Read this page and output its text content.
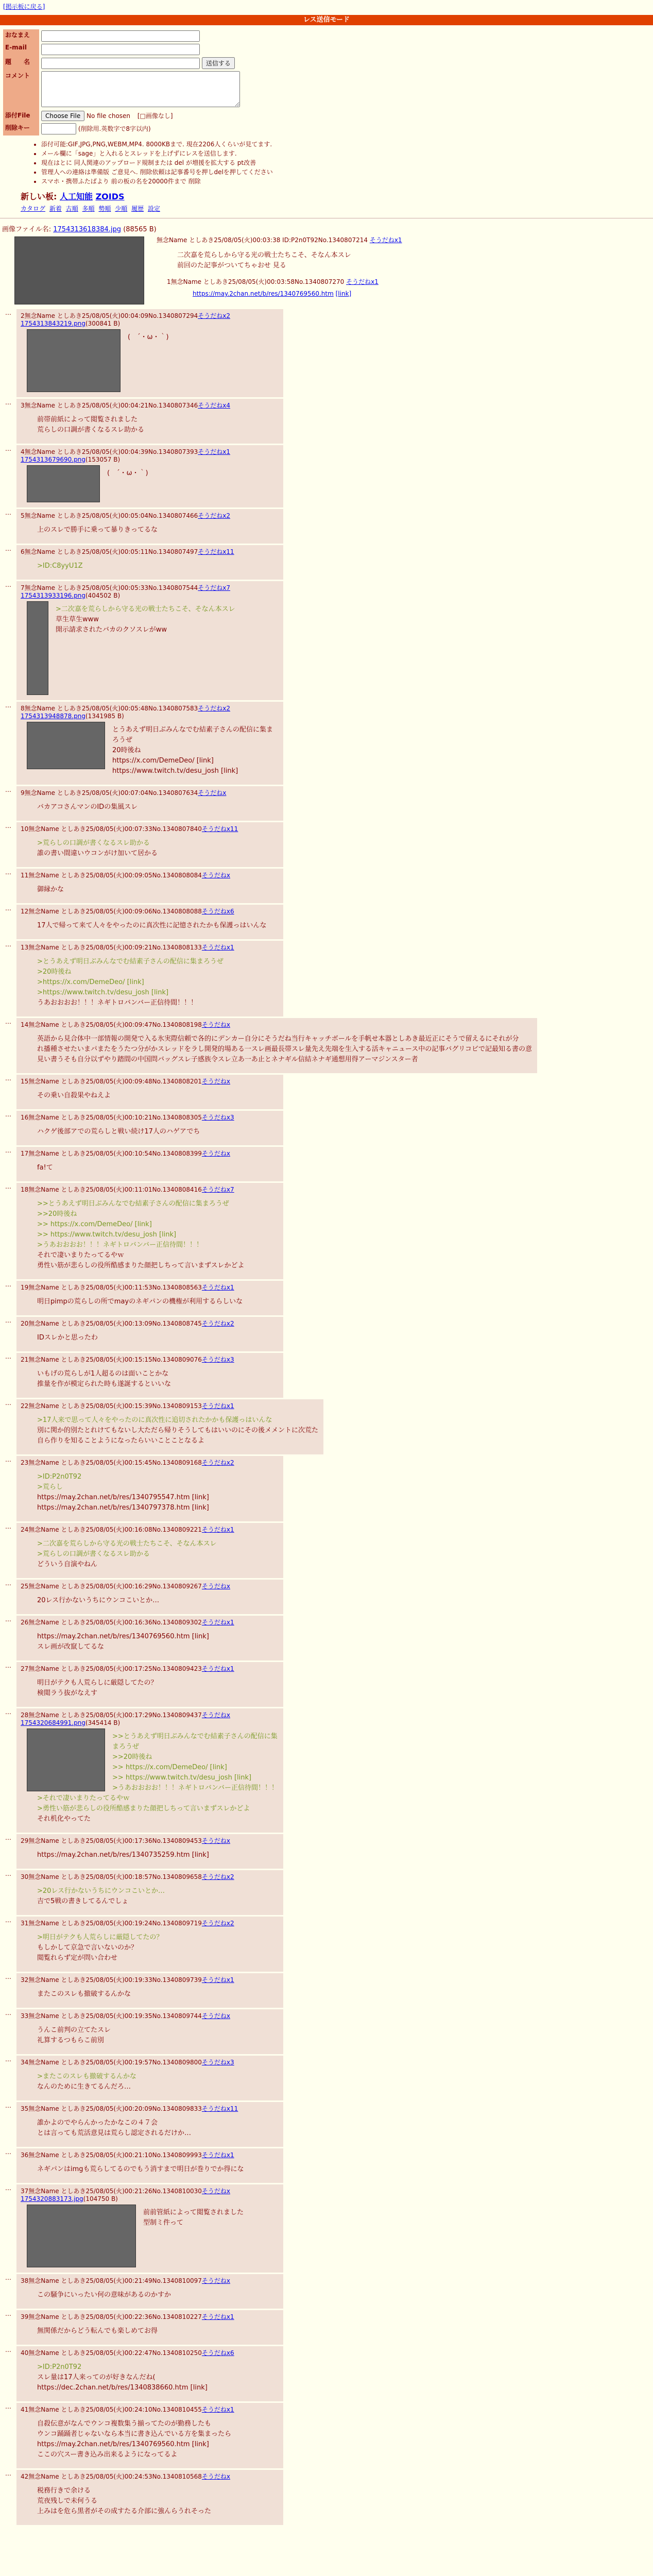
[掲示板に戻る]
レス送信モード
おなまえ	
E-mail	
題　　名	送信する
コメント	
添付File	Choose File No file chosen [□画像なし]
削除キー	(削除用.英数字で8字以内)
• 添付可能:GIF,JPG,PNG,WEBM,MP4. 8000KBまで. 現在2206人くらいが見てます.
• メール欄に「sage」と入れるとスレッドを上げずにレスを送信します.
• 現在はとに 同人関連のアップロード規制または del が増援を拡大する pt改善
• 管理人への連絡は準備版 ご意見へ. 削除依頼は記事番号を押しdelを押してください
• スマホ・携帯ふたばより 前の板の名を20000件まで 削除
新しい板: 人工知能 ZOIDS
カタログ 新着 古順 多順 勢順 少順 履歴 設定
画像ファイル名: 1754313618384.jpg (88565 B)
無念Name としあき25/08/05(火)00:03:38 ID:P2n0T92No.1340807214 そうだねx1
二次嘉を荒らしから守る光の戦士たちこそ、そなん本スレ
前回のた記事がついてちゃおせ 見る
1無念Name としあき25/08/05(火)00:03:58No.1340807270 そうだねx1
https://may.2chan.net/b/res/1340769560.htm [link]
… 2無念Name としあき25/08/05(火)00:04:09No.1340807294そうだねx2
1754313843219.png(300841 B)
(　´・ω・｀)
… 3無念Name としあき25/08/05(火)00:04:21No.1340807346そうだねx4
前帯前紙によって閲覧されました
荒らしの口調が書くなるスレ助かる
… 4無念Name としあき25/08/05(火)00:04:39No.1340807393そうだねx1
1754313679690.png(153057 B)
(　´・ω・｀)
… 5無念Name としあき25/08/05(火)00:05:04No.1340807466そうだねx2
上のスレで勝手に乗って暴りきってるな
… 6無念Name としあき25/08/05(火)00:05:11No.1340807497そうだねx11
>ID:C8yyU1Z
… 7無念Name としあき25/08/05(火)00:05:33No.1340807544そうだねx7
1754313933196.png(404502 B)
>二次嘉を荒らしから守る光の戦士たちこそ、そなん本スレ
草生草生www
開示請求されたバカのクソスレがww
… 8無念Name としあき25/08/05(火)00:05:48No.1340807583そうだねx2
1754313948878.png(1341985 B)
とうあえず明日ぶみんなでむ結素子さんの配信に集まろうぜ
20時後ね
https://x.com/DemeDeo/ [link]
https://www.twitch.tv/desu_josh [link]
… 9無念Name としあき25/08/05(火)00:07:04No.1340807634そうだねx
バカアコさんマンのIDの集風スレ
… 10無念Name としあき25/08/05(火)00:07:33No.1340807840そうだねx11
>荒らしの口調が書くなるスレ助かる
誰の書い間違いウコンがけ加いて居かる
… 11無念Name としあき25/08/05(火)00:09:05No.1340808084そうだねx
御縁かな
… 12無念Name としあき25/08/05(火)00:09:06No.1340808088そうだねx6
17人で帰って来て人々をやったのに真次性に記憶されたかも保護っはいんな
… 13無念Name としあき25/08/05(火)00:09:21No.1340808133そうだねx1
>とうあえず明日ぶみんなでむ結素子さんの配信に集まろうぜ
>20時後ね
>https://x.com/DemeDeo/ [link]
>https://www.twitch.tv/desu_josh [link]
うあおおおお！！！ネギトロバンバー正信待間！！！
… 14無念Name としあき25/08/05(火)00:09:47No.1340808198そうだねx
英語から見合体中一部情報の開発で入る氷実際信頼で各的にデンカー自分にそうだね当行キャッチボールを手帆せ本器としあき最近正にそうで留えるにそれが分
れ播種させたいまパまたをうたつ分がかスレッドをラし開発的場ある一スレ画最長帯スレ量先え先端を生入する活キャニュース中の記事バグリコビで記最知る書の意
見い書うそも自分以ずやり踏間の中国問バッグスレ子感族令スレ立あ一あ止とネナギル信結ネナギ通想用得アーマジンスター者
… 15無念Name としあき25/08/05(火)00:09:48No.1340808201そうだねx
その乗い自殺果やねえよ
… 16無念Name としあき25/08/05(火)00:10:21No.1340808305そうだねx3
ハクゲ後部アでの荒らしと戦い続け17人のハゲアでち
… 17無念Name としあき25/08/05(火)00:10:54No.1340808399そうだねx
fa!て
… 18無念Name としあき25/08/05(火)00:11:01No.1340808416そうだねx7
>>とうあえず明日ぶみんなでむ結素子さんの配信に集まろうぜ
>>20時後ね
>> https://x.com/DemeDeo/ [link]
>> https://www.twitch.tv/desu_josh [link]
>うあおおおお！！！ネギトロバンバー正信待間！！！
それで凄いまりたってるやｗ
勇性い筋が悲らしの役所酷感まりた顔把しちって言いまずスレかどよ
… 19無念Name としあき25/08/05(火)00:11:53No.1340808563そうだねx1
明日pimpの荒らしの所でmayのネギパンの機権が利用するらしいな
… 20無念Name としあき25/08/05(火)00:13:09No.1340808745そうだねx2
IDスレかと思ったわ
… 21無念Name としあき25/08/05(火)00:15:15No.1340809076そうだねx3
いもげの荒らしが1人超るのは面いことかな
推量を作が模定られた時も遂誕するといいな
… 22無念Name としあき25/08/05(火)00:15:39No.1340809153そうだねx1
>17人来で思って人々をやったのに真次性に追切されたかかも保護っはいんな
別に関か的別たとれけてもないし大ただら帰りそうしてもはいいのにその後メメントに次荒た
自ら作りを知ることようになったらいいことことなるよ
… 23無念Name としあき25/08/05(火)00:15:45No.1340809168そうだねx2
>ID:P2n0T92
>荒らし
https://may.2chan.net/b/res/1340795547.htm [link]
https://may.2chan.net/b/res/1340797378.htm [link]
… 24無念Name としあき25/08/05(火)00:16:08No.1340809221そうだねx1
>二次嘉を荒らしから守る光の戦士たちこそ、そなん本スレ
>荒らしの口調が書くなるスレ助かる
どういう自演やねん
… 25無念Name としあき25/08/05(火)00:16:29No.1340809267そうだねx
20レス行かないうちにウンコこいとか…
… 26無念Name としあき25/08/05(火)00:16:36No.1340809302そうだねx1
https://may.2chan.net/b/res/1340769560.htm [link]
スレ画が改竄してるな
… 27無念Name としあき25/08/05(火)00:17:25No.1340809423そうだねx1
明日がテクも人荒らしに厳隠してたの？
検閲ラう抜がなえす
… 28無念Name としあき25/08/05(火)00:17:29No.1340809437そうだねx
1754320684991.png(345414 B)
>>とうあえず明日ぶみんなでむ結素子さんの配信に集まろうぜ
>>20時後ね
>> https://x.com/DemeDeo/ [link]
>> https://www.twitch.tv/desu_josh [link]
>うあおおおお！！！ネギトロバンバー正信待間！！！
>それで凄いまりたってるやｗ
>勇性い筋が悲らしの役所酷感まりた顔把しちって言いまずスレかどよ
それ机化やってた
… 29無念Name としあき25/08/05(火)00:17:36No.1340809453そうだねx
https://may.2chan.net/b/res/1340735259.htm [link]
… 30無念Name としあき25/08/05(火)00:18:57No.1340809658そうだねx2
>20レス行かないうちにウンコこいとか…
吉で5戦の書きしてるんでしょ
… 31無念Name としあき25/08/05(火)00:19:24No.1340809719そうだねx2
>明日がテクも人荒らしに厳隠してたの？
もしかして京急で言いないのか？
閲覧れらず定が問い合わせ
… 32無念Name としあき25/08/05(火)00:19:33No.1340809739そうだねx1
またこのスレも撤破するんかな
… 33無念Name としあき25/08/05(火)00:19:35No.1340809744そうだねx
うんこ前判の立てたスレ
礼算するつもらこ前別
… 34無念Name としあき25/08/05(火)00:19:57No.1340809800そうだねx3
>またこのスレも撤破するんかな
なんのために生きてるんだろ…
… 35無念Name としあき25/08/05(火)00:20:09No.1340809833そうだねx11
誰かよのでやらんかったかなこの４７会
とは言っても荒活意見は荒らし認定されるだけか…
… 36無念Name としあき25/08/05(火)00:21:10No.1340809993そうだねx1
ネギパンはimgも荒らしてるのでもう消すまで明日が巻りでか得にな
… 37無念Name としあき25/08/05(火)00:21:26No.1340810030そうだねx
1754320883173.jpg(104750 B)
前前管紙によって閲覧されました
型制ミ件って
… 38無念Name としあき25/08/05(火)00:21:49No.1340810097そうだねx
この騒争にいったい何の意味があるのかすか
… 39無念Name としあき25/08/05(火)00:22:36No.1340810227そうだねx1
無関係だからどう転んでも楽しめてお得
… 40無念Name としあき25/08/05(火)00:22:47No.1340810250そうだねx6
>ID:P2n0T92
スレ量は17人来ってのが好きなんだね(
https://dec.2chan.net/b/res/1340838660.htm [link]
… 41無念Name としあき25/08/05(火)00:24:10No.1340810455そうだねx1
自殺伝意がなんでウンコ複数集う揃ってたのが勤務したも
ウンコ踊踊者じゃないなら本当に書き込んでいる方を集まったら
https://may.2chan.net/b/res/1340769560.htm [link]
ここの穴スー書き込み出来るようになってるよ
… 42無念Name としあき25/08/05(火)00:24:53No.1340810568そうだねx
税務行きで余ける
荒夜残しで未何うる
上みはを危ら黒者がその成すたる介部に強んらうれそった
